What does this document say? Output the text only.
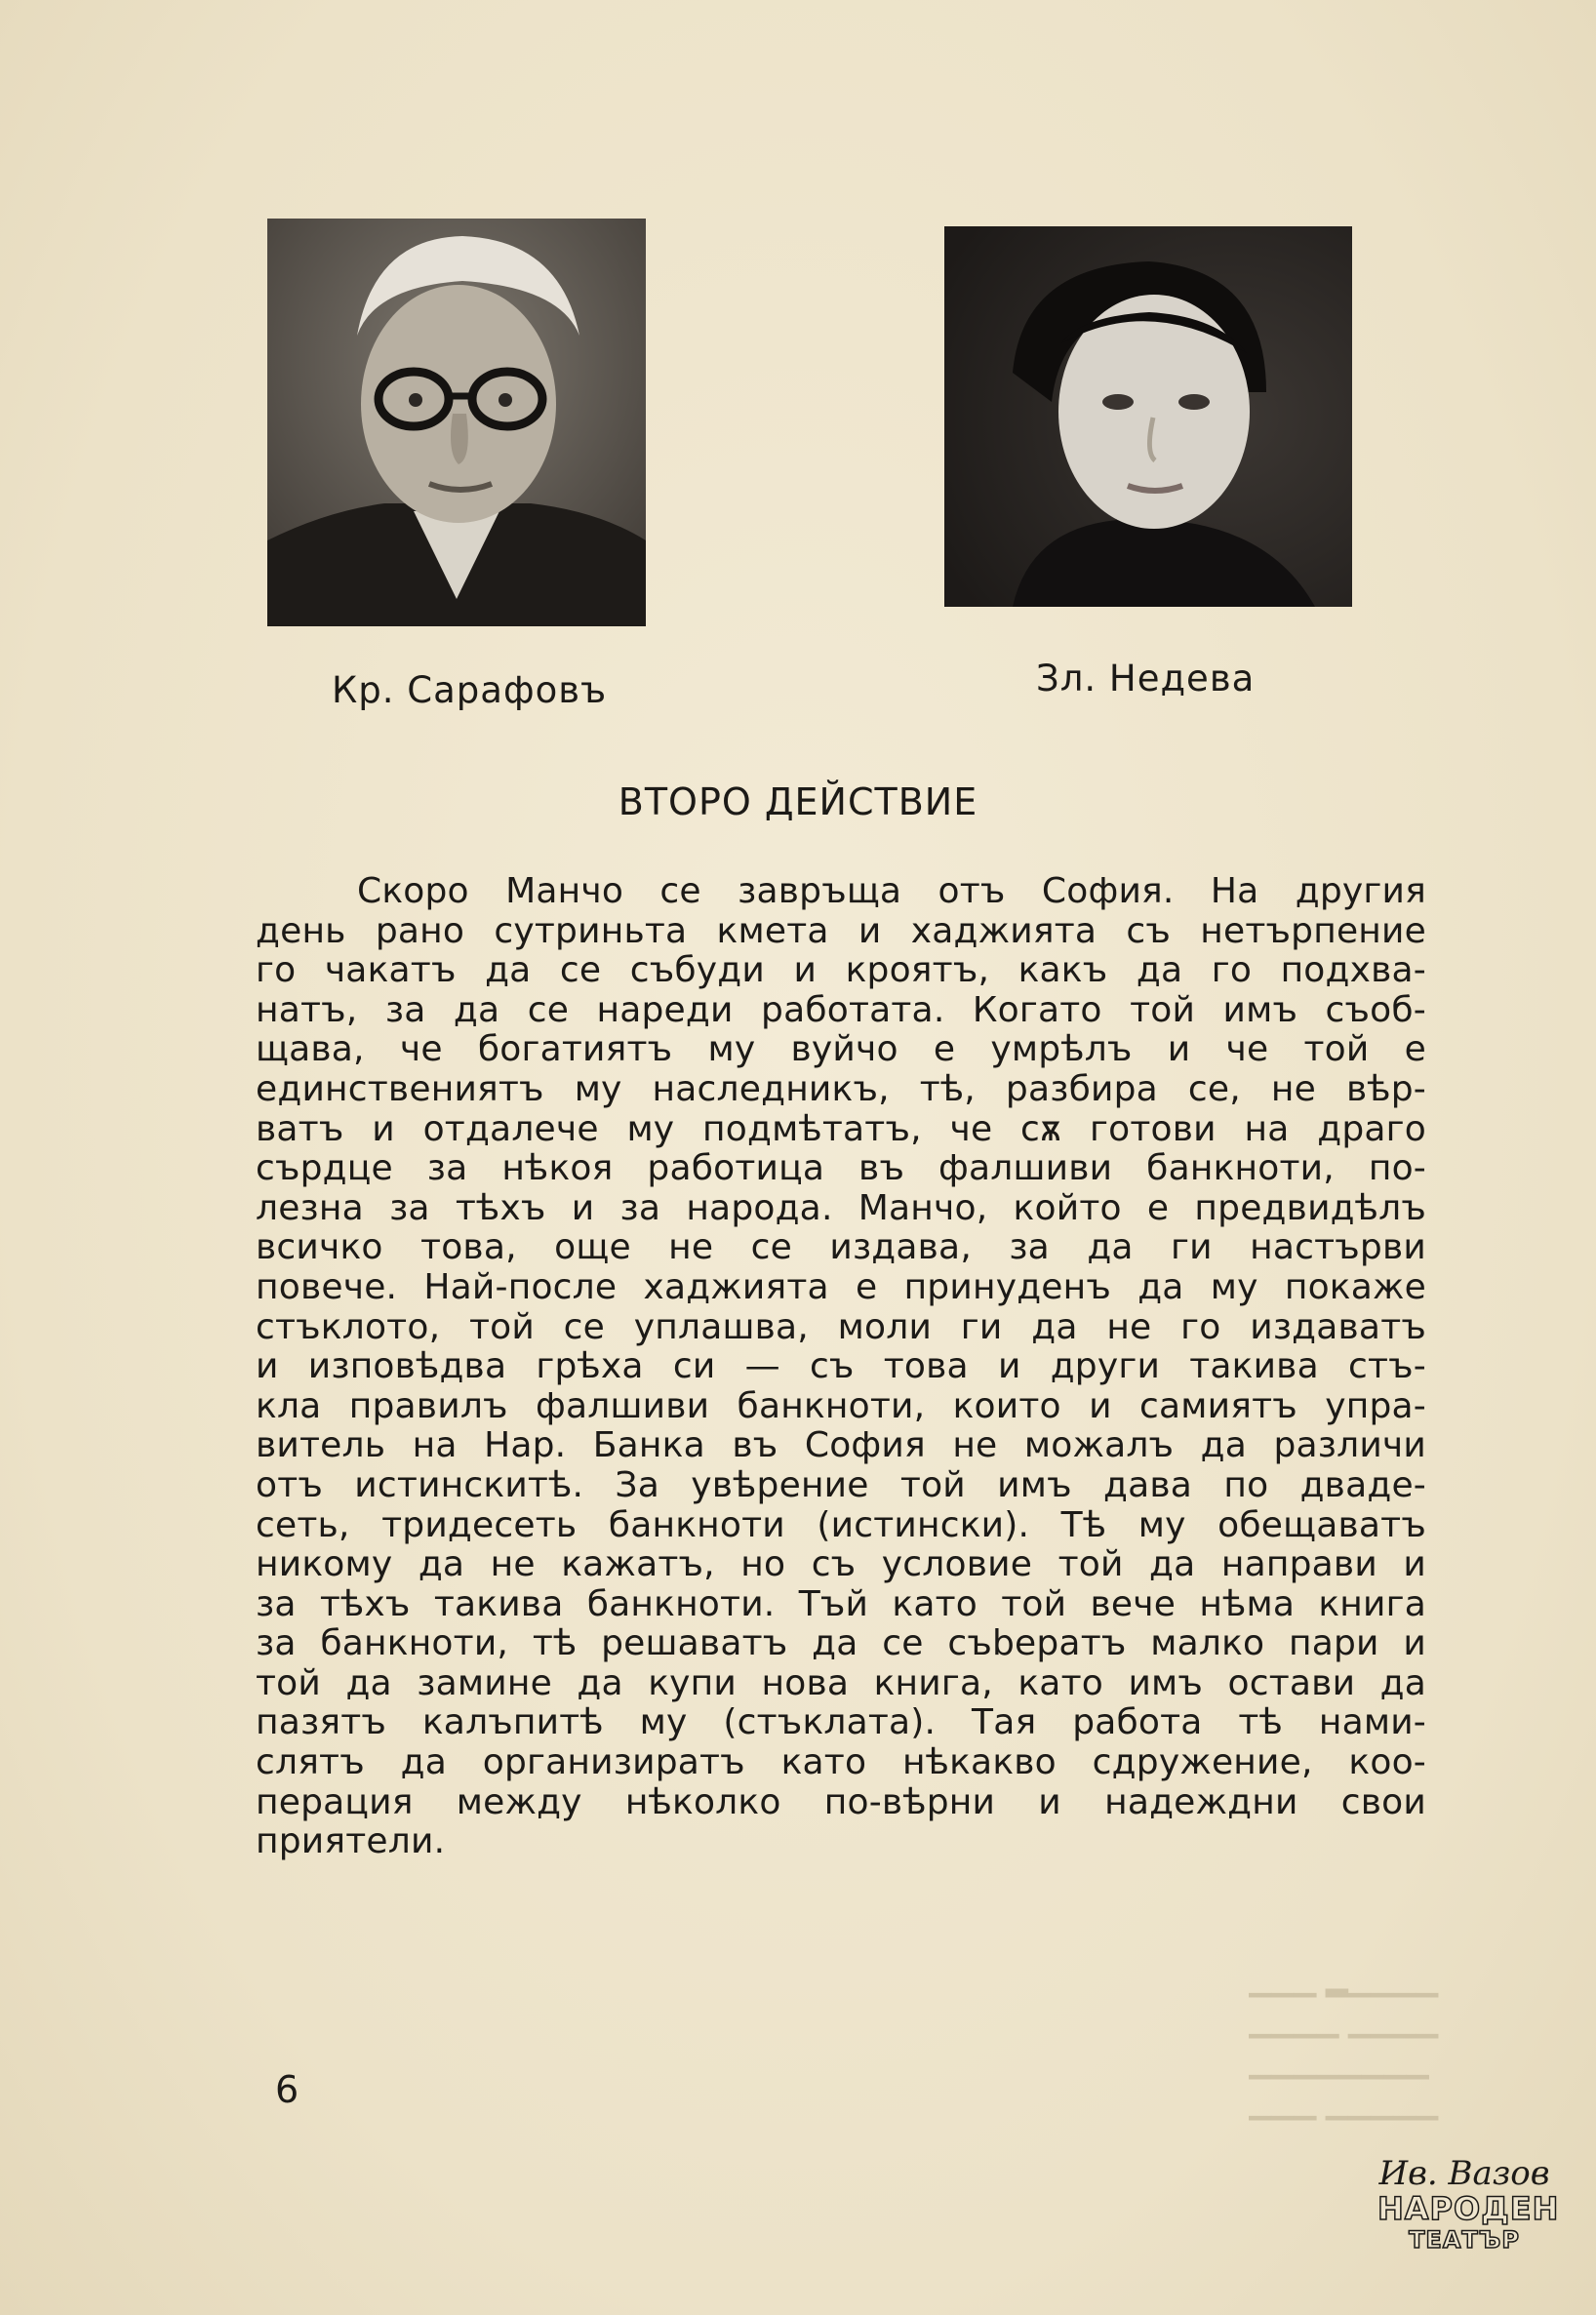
Кр. Сарафовъ	Зл. Недева
ВТОРО ДЕЙСТВИЕ
Скоро Манчо се завръща отъ София. На другия
день рано сутриньта кмета и хаджията съ нетърпение
го чакатъ да се събуди и кроятъ, какъ да го подхва-
натъ, за да се нареди работата. Когато той имъ съоб-
щава, че богатиятъ му вуйчо е умрѣлъ и че той е
единствениятъ му наследникъ, тѣ, разбира се, не вѣр-
ватъ и отдалече му подмѣтатъ, че сѫ готови на драго
сърдце за нѣкоя работица въ фалшиви банкноти, по-
лезна за тѣхъ и за народа. Манчо, който е предвидѣлъ
всичко това, още не се издава, за да ги настърви
повече. Най-после хаджията е принуденъ да му покаже
стъклото, той се уплашва, моли ги да не го издаватъ
и изповѣдва грѣха си — съ това и други такива стъ-
кла правилъ фалшиви банкноти, които и самиятъ упра-
витель на Нар. Банка въ София не можалъ да различи
отъ истинскитѣ. За увѣрение той имъ дава по двадe-
сеть, тридесеть банкноти (истински). Тѣ му обещаватъ
никому да не кажатъ, но съ условие той да направи и
за тѣхъ такива банкноти. Тъй като той вече нѣма книга
за банкноти, тѣ решаватъ да се съbeратъ малко пари и
той да замине да купи нова книга, като имъ остави да
пазятъ калъпитѣ му (стъклата). Тая работа тѣ нами-
слятъ да организиратъ като нѣкакво сдружение, коо-
перация между нѣколко по-вѣрни и надеждни свои
приятели.
▁▁▁ ▂▁▁▁▁
▁▁▁▁ ▁▁▁▁
▁▁▁▁▁▁▁▁
▁▁▁ ▁▁▁▁▁
6
Ив. Вазов
НАРОДЕН
ТЕАТЪР
